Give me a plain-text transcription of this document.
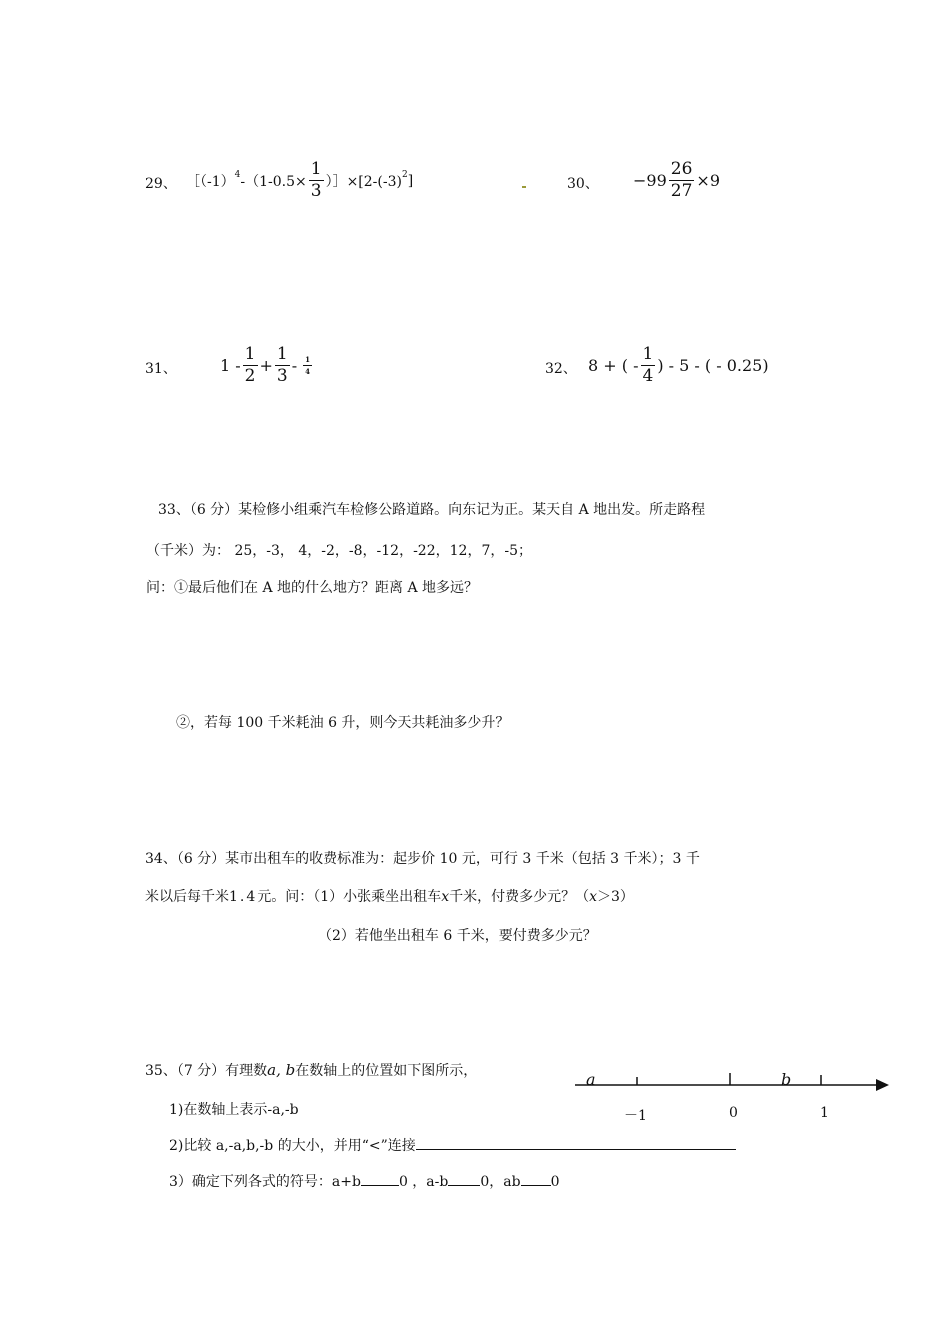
29、 ［（-1） 4 $-(1-0.5\times \frac{1}{3}$ ）］×[2-(-3) 2 ]	30、 $-99 \frac{26}{27} \times 9$
31、	$1 - \frac{1}{2} + \frac{1}{3} - \frac{1}{4}$	32、 8 + ( - $\frac{1}{4}$ ) - 5 - ( - 0.25)
33、（6 分）某检修小组乘汽车检修公路道路。向东记为正。某天自 A 地出发。所走路程
（千米）为： 25，-3， 4，-2，-8，-12，-22，12，7，-5；
问：①最后他们在 A 地的什么地方？距离 A 地多远？
②，若每 100 千米耗油 6 升，则今天共耗油多少升？
34、（6 分）某市出租车的收费标准为：起步价 10 元，可行 3 千米（包括 3 千米）；3 千
米以后每千米1.4元。问：（1）小张乘坐出租车x千米，付费多少元？（x＞3）
（2）若他坐出租车 6 千米，要付费多少元？
35、（7 分）有理数a, b在数轴上的位置如下图所示，
1)在数轴上表示-a,-b
2)比较 a,-a,b,-b 的大小，并用“<”连接
3）确定下列各式的符号：a+b	0 ，a-b 0，ab 0
a	b
－1	0	1
